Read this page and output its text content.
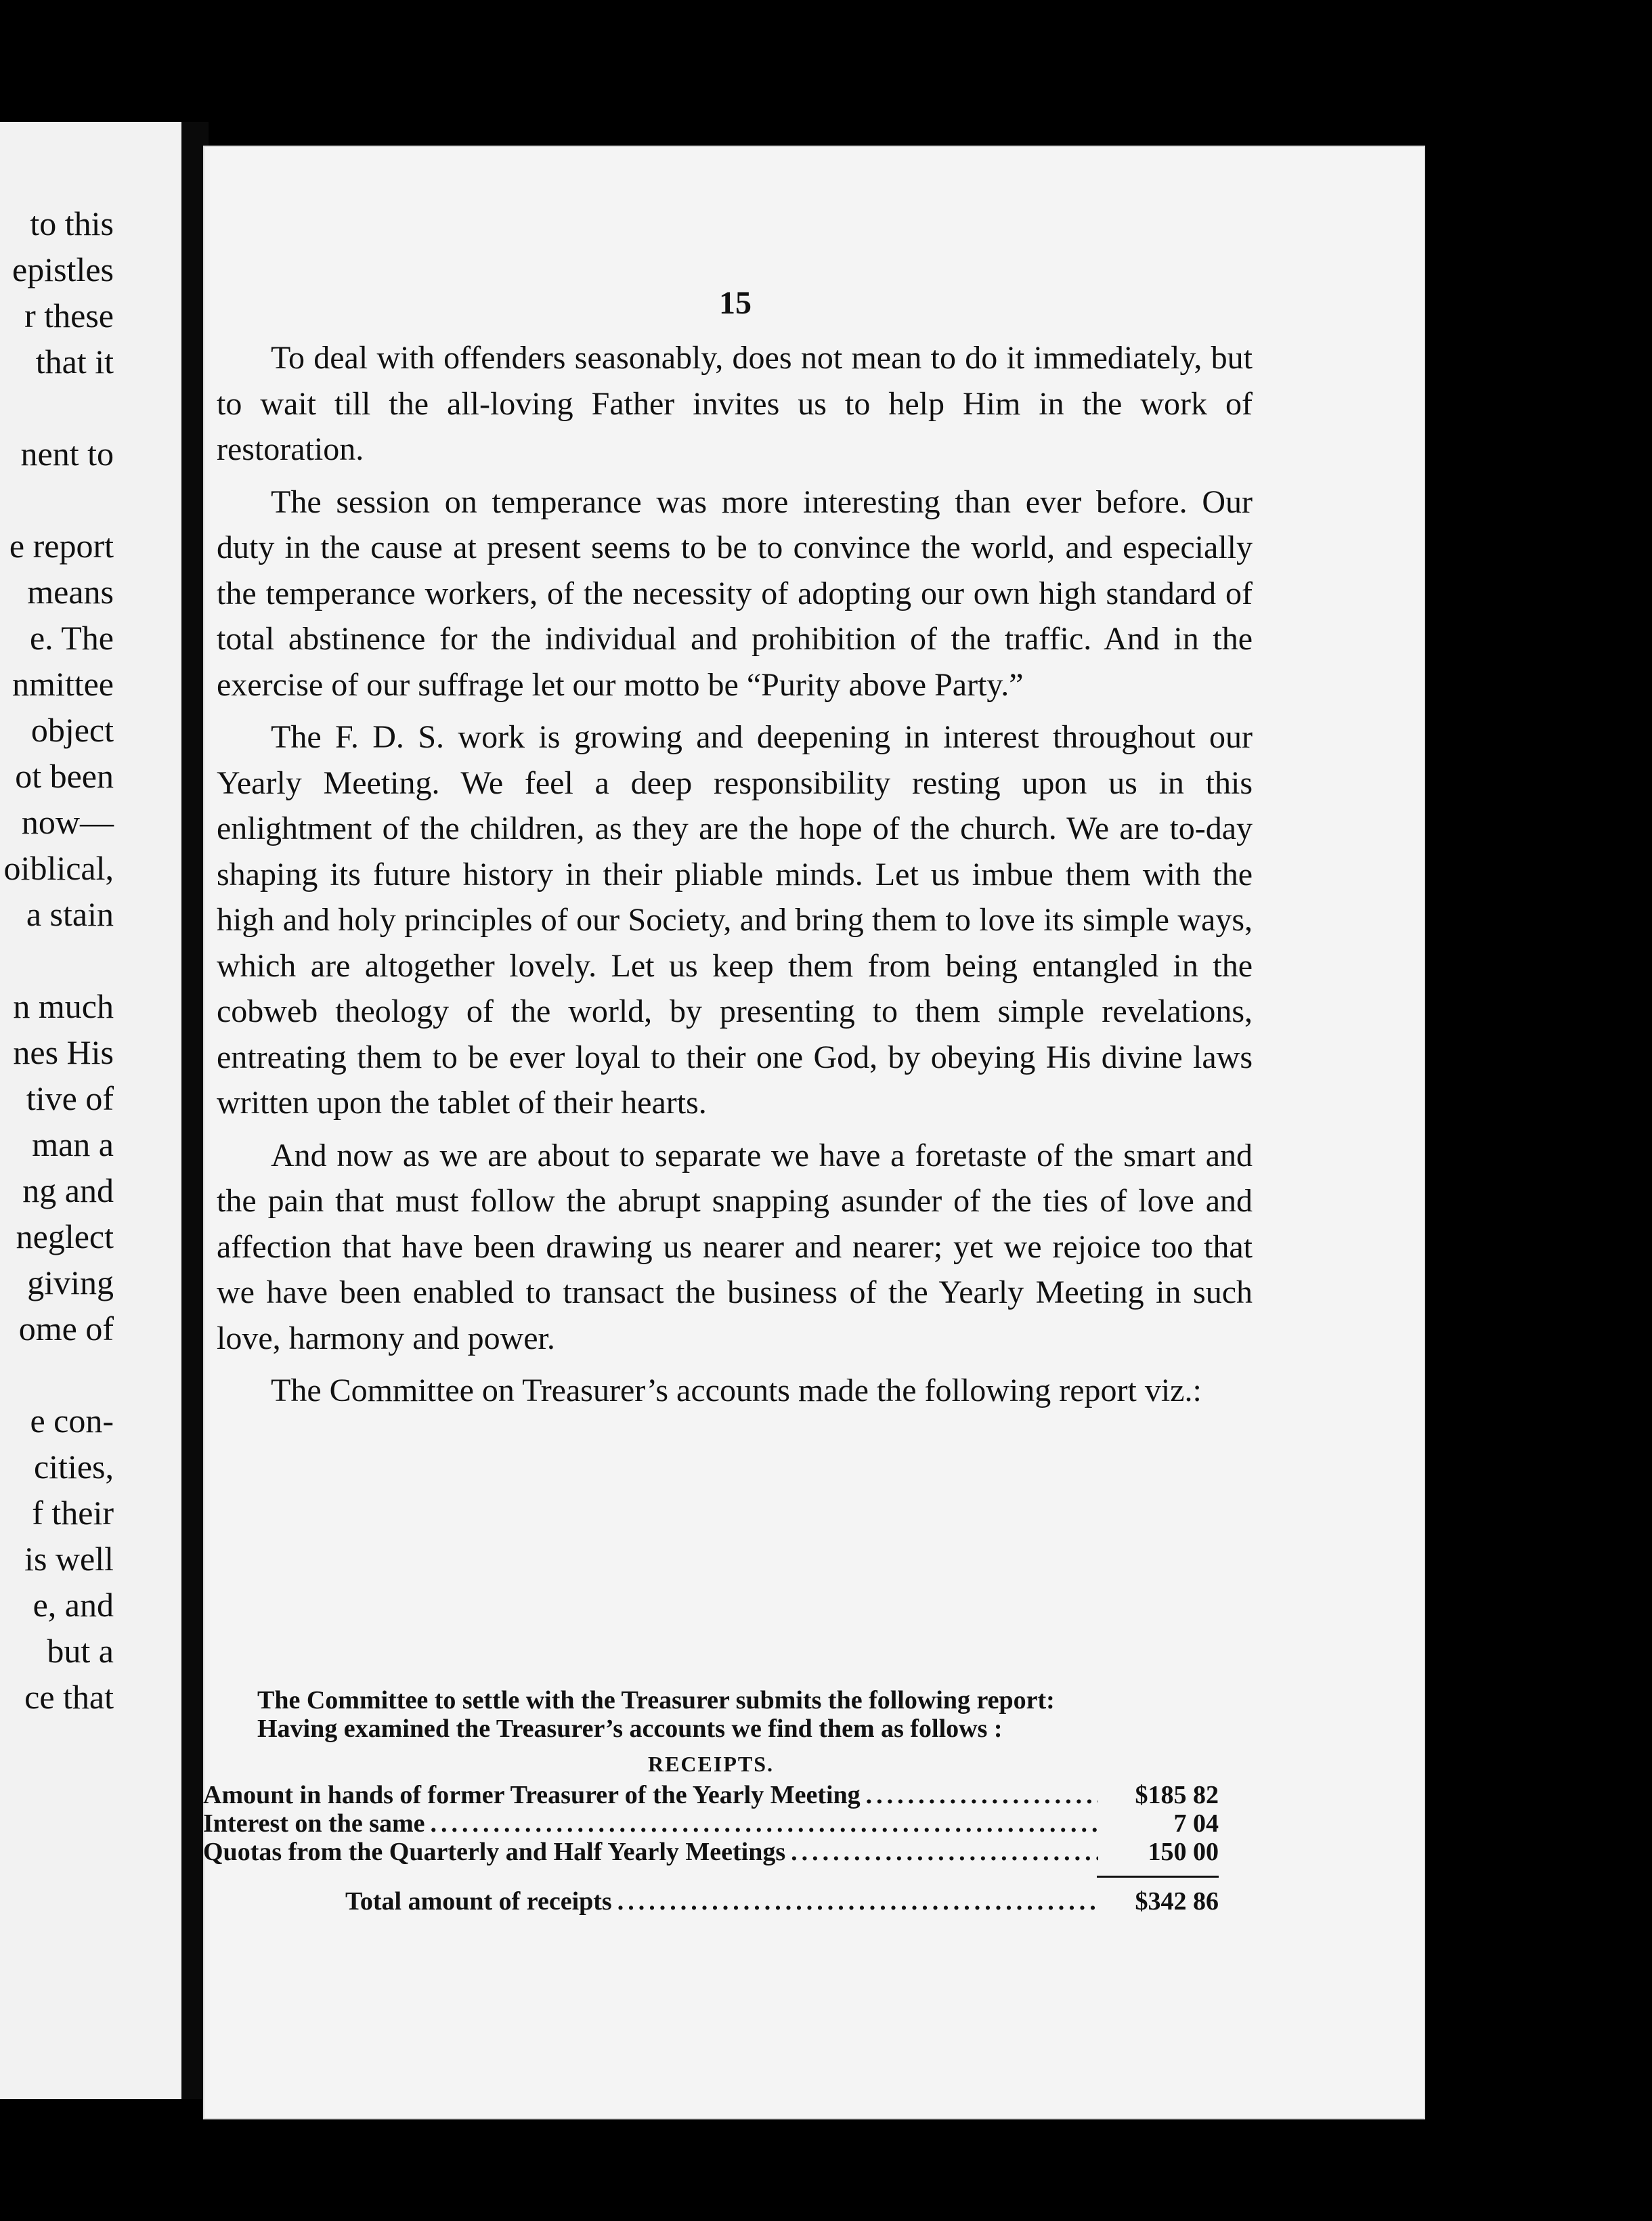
to this
epistles
r these
that it
nent to
e report
means
e. The
nmittee
object
ot been
now—
oiblical,
a stain
n much
nes His
tive of
man a
ng and
neglect
giving
ome of
e con-
cities,
f their
is well
e, and
but a
ce that
15

To deal with offenders seasonably, does not mean to do it immediately, but to wait till the all-loving Father invites us to help Him in the work of restoration.

The session on temperance was more interesting than ever before. Our duty in the cause at present seems to be to convince the world, and especially the temperance workers, of the necessity of adopting our own high standard of total abstinence for the individual and prohibition of the traffic. And in the exercise of our suffrage let our motto be “Purity above Party.”

The F. D. S. work is growing and deepening in interest throughout our Yearly Meeting. We feel a deep responsibility resting upon us in this enlightment of the children, as they are the hope of the church. We are to-day shaping its future history in their pliable minds. Let us imbue them with the high and holy principles of our Society, and bring them to love its simple ways, which are altogether lovely. Let us keep them from being entangled in the cobweb theology of the world, by presenting to them simple revelations, entreating them to be ever loyal to their one God, by obeying His divine laws written upon the tablet of their hearts.

And now as we are about to separate we have a foretaste of the smart and the pain that must follow the abrupt snapping asunder of the ties of love and affection that have been drawing us nearer and nearer; yet we rejoice too that we have been enabled to transact the business of the Yearly Meeting in such love, harmony and power.

The Committee on Treasurer’s accounts made the following report viz.:

The Committee to settle with the Treasurer submits the following report:
Having examined the Treasurer’s accounts we find them as follows :
RECEIPTS.
Amount in hands of former Treasurer of the Yearly Meeting .....	$185 82
Interest on the same .....	7 04
Quotas from the Quarterly and Half Yearly Meetings .....	150 00
Total amount of receipts .....	$342 86
